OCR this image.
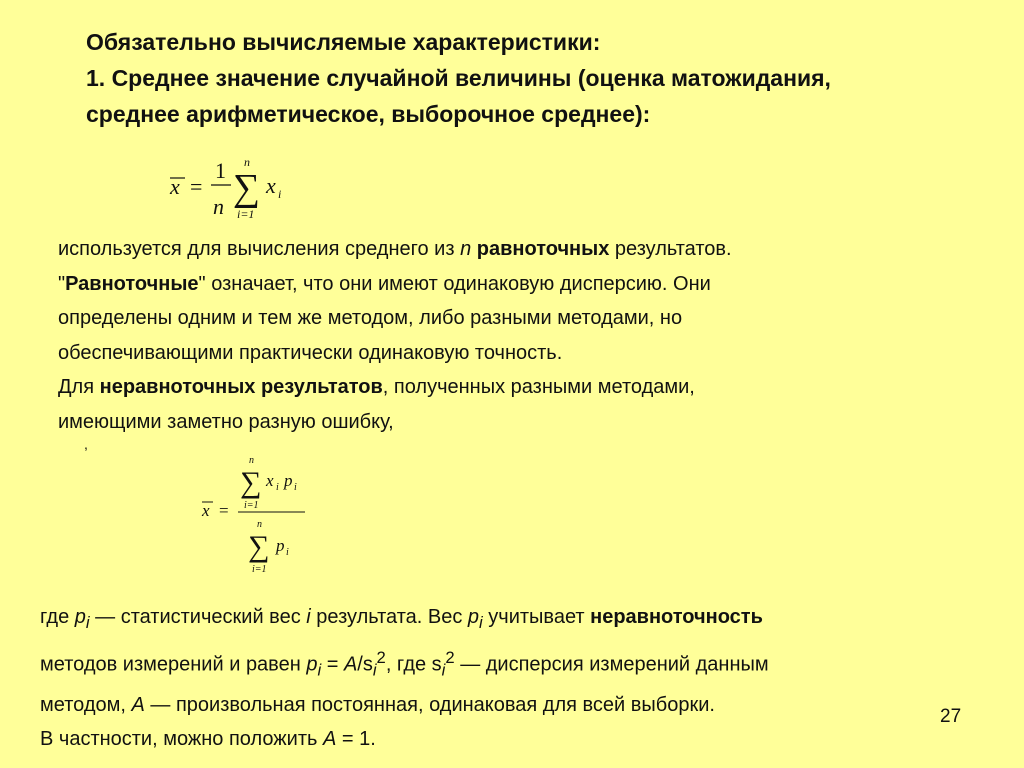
Обязательно вычисляемые характеристики:
1. Среднее значение случайной величины (оценка матожидания,
среднее арифметическое, выборочное среднее):
x =
1
n
n
∑
i=1
x i
используется для вычисления среднего из n равноточных результатов.
"Равноточные" означает, что они имеют одинаковую дисперсию. Они
определены одним и тем же методом, либо разными методами, но
обеспечивающими практически одинаковую точность.
Для неравноточных результатов, полученных разными методами,
имеющими заметно разную ошибку,
,
x =
n
∑
i=1
x i p i
n
∑
i=1
p i
где $p_i$ — статистический вес i результата. Вес $p_i$ учитывает неравноточность
методов измерений и равен $p_i = A/s_i^2$, где $s_i^2$ — дисперсия измерений данным
методом, A — произвольная постоянная, одинаковая для всей выборки.
В частности, можно положить A = 1.
27
